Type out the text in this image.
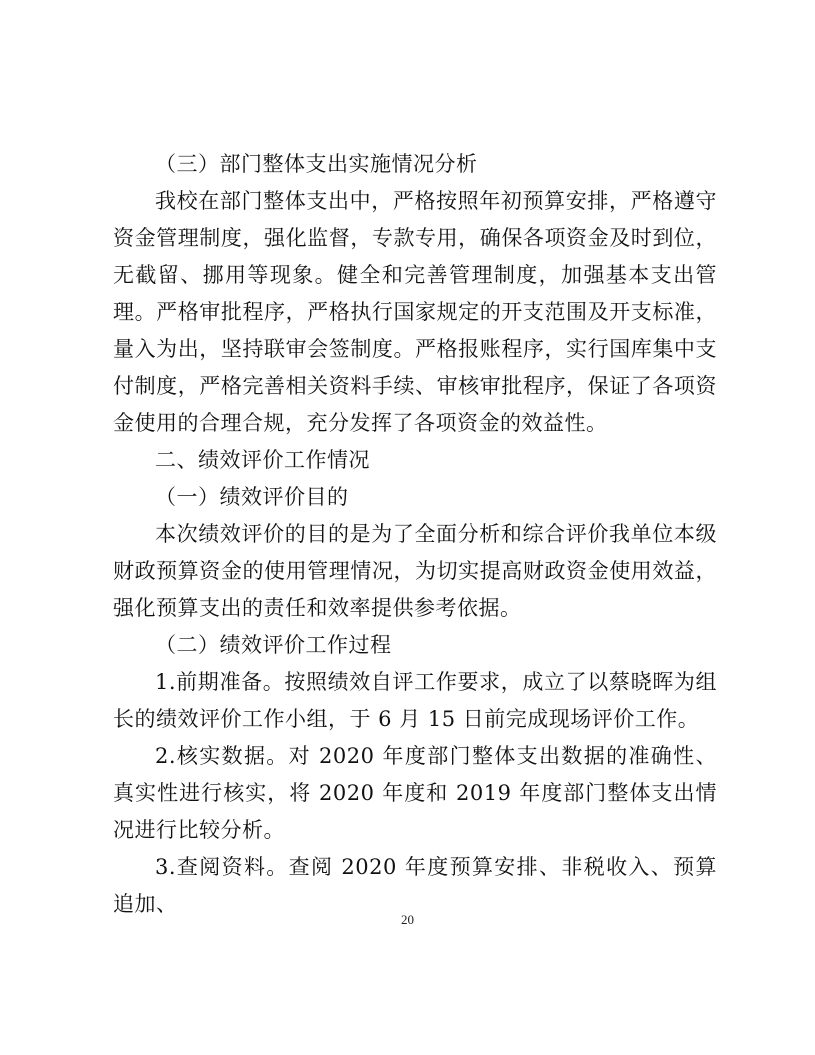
（三）部门整体支出实施情况分析

我校在部门整体支出中，严格按照年初预算安排，严格遵守资金管理制度，强化监督，专款专用，确保各项资金及时到位，无截留、挪用等现象。健全和完善管理制度，加强基本支出管理。严格审批程序，严格执行国家规定的开支范围及开支标准，量入为出，坚持联审会签制度。严格报账程序，实行国库集中支付制度，严格完善相关资料手续、审核审批程序，保证了各项资金使用的合理合规，充分发挥了各项资金的效益性。

二、绩效评价工作情况

（一）绩效评价目的

本次绩效评价的目的是为了全面分析和综合评价我单位本级财政预算资金的使用管理情况，为切实提高财政资金使用效益，强化预算支出的责任和效率提供参考依据。

（二）绩效评价工作过程

1.前期准备。按照绩效自评工作要求，成立了以蔡晓晖为组长的绩效评价工作小组，于 6 月 15 日前完成现场评价工作。

2.核实数据。对 2020 年度部门整体支出数据的准确性、真实性进行核实，将 2020 年度和 2019 年度部门整体支出情况进行比较分析。

3.查阅资料。查阅 2020 年度预算安排、非税收入、预算追加、

20
